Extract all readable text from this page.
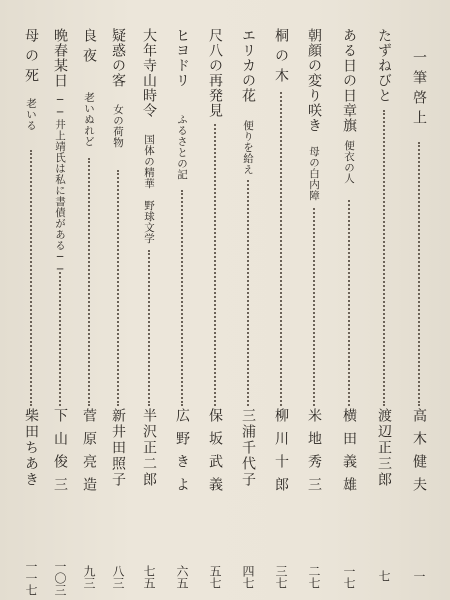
一筆啓上
高木健夫
一
たずねびと
渡辺正三郎
七
ある日の日章旗
便衣の人
横田義雄
一七
朝顔の変り咲き
母の白内障
米地秀三
二七
桐の木
柳川十郎
三七
エリカの花
便りを給え
三浦千代子
四七
尺八の再発見
保坂武義
五七
ヒヨドリ
ふるさとの記
広野きよ
六五
大年寺山時令
国体の精華　野球文学
半沢正二郎
七五
疑惑の客
女の荷物
新井田照子
八三
良夜
老いぬれど
菅原亮造
九三
晩春某日
──井上靖氏は私に書債がある──
下山俊三
一〇三
母の死
老いる
柴田ちあき
一一七
